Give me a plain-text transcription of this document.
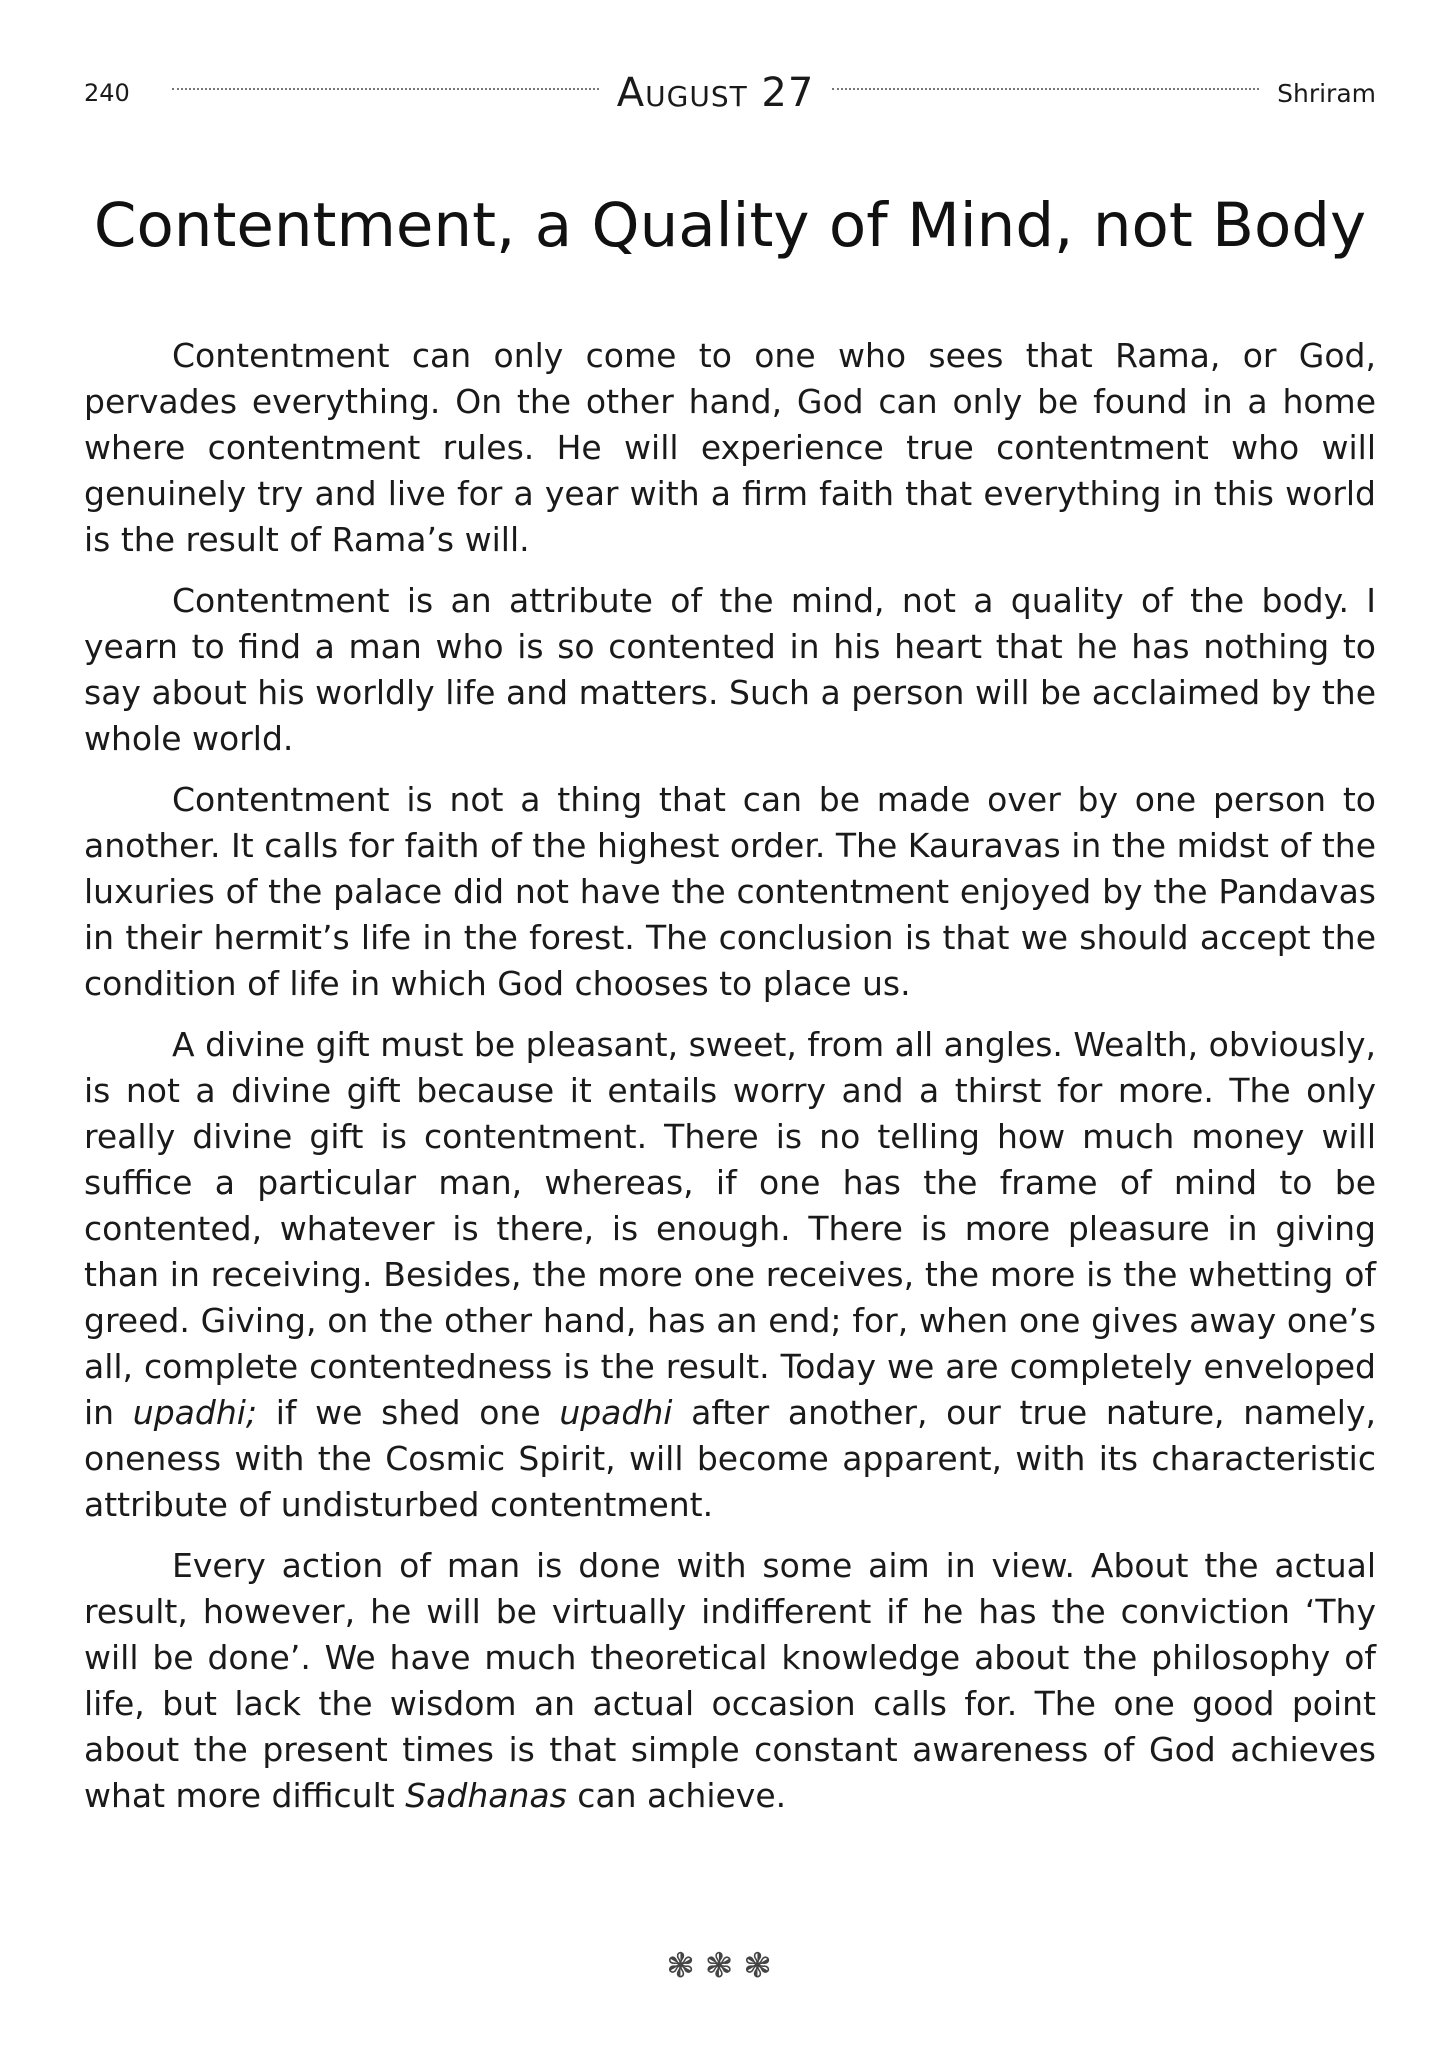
240	August 27	Shriram
Contentment, a Quality of Mind, not Body

Contentment can only come to one who sees that Rama, or God, pervades everything. On the other hand, God can only be found in a home where contentment rules. He will experience true contentment who will genuinely try and live for a year with a firm faith that everything in this world is the result of Rama’s will.

Contentment is an attribute of the mind, not a quality of the body. I yearn to find a man who is so contented in his heart that he has nothing to say about his worldly life and matters. Such a person will be acclaimed by the whole world.

Contentment is not a thing that can be made over by one person to another. It calls for faith of the highest order. The Kauravas in the midst of the luxuries of the palace did not have the contentment enjoyed by the Pandavas in their hermit’s life in the forest. The conclusion is that we should accept the condition of life in which God chooses to place us.

A divine gift must be pleasant, sweet, from all angles. Wealth, obviously, is not a divine gift because it entails worry and a thirst for more. The only really divine gift is contentment. There is no telling how much money will suffice a particular man, whereas, if one has the frame of mind to be contented, whatever is there, is enough. There is more pleasure in giving than in receiving. Besides, the more one receives, the more is the whetting of greed. Giving, on the other hand, has an end; for, when one gives away one’s all, complete contentedness is the result. Today we are completely enveloped in upadhi; if we shed one upadhi after another, our true nature, namely, oneness with the Cosmic Spirit, will become apparent, with its characteristic attribute of undisturbed contentment.

Every action of man is done with some aim in view. About the actual result, however, he will be virtually indifferent if he has the conviction ‘Thy will be done’. We have much theoretical knowledge about the philosophy of life, but lack the wisdom an actual occasion calls for. The one good point about the present times is that simple constant awareness of God achieves what more difficult Sadhanas can achieve.

❃❃❃
